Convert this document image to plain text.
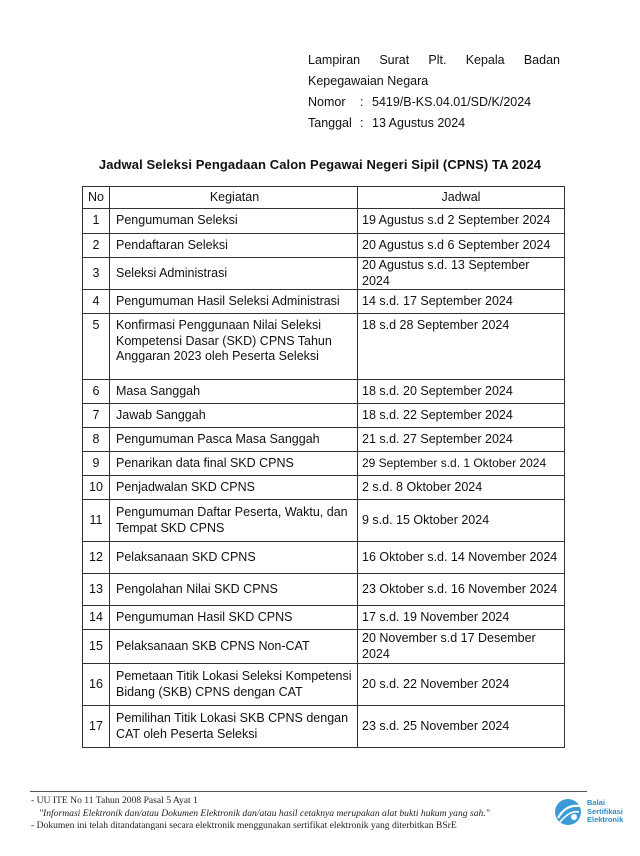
Lampiran Surat Plt. Kepala Badan
Kepegawaian Negara
Nomor	: 5419/B-KS.04.01/SD/K/2024
Tanggal : 13 Agustus 2024
Jadwal Seleksi Pengadaan Calon Pegawai Negeri Sipil (CPNS) TA 2024
No	Kegiatan	Jadwal
1	Pengumuman Seleksi	19 Agustus s.d 2 September 2024
2	Pendaftaran Seleksi	20 Agustus s.d 6 September 2024
3	Seleksi Administrasi	20 Agustus s.d. 13 September 2024
4	Pengumuman Hasil Seleksi Administrasi	14 s.d. 17 September 2024
5	Konfirmasi Penggunaan Nilai Seleksi Kompetensi Dasar (SKD) CPNS Tahun Anggaran 2023 oleh Peserta Seleksi	18 s.d 28 September 2024
6	Masa Sanggah	18 s.d. 20 September 2024
7	Jawab Sanggah	18 s.d. 22 September 2024
8	Pengumuman Pasca Masa Sanggah	21 s.d. 27 September 2024
9	Penarikan data final SKD CPNS	29 September s.d. 1 Oktober 2024
10	Penjadwalan SKD CPNS	2 s.d. 8 Oktober 2024
11	Pengumuman Daftar Peserta, Waktu, dan Tempat SKD CPNS	9 s.d. 15 Oktober 2024
12	Pelaksanaan SKD CPNS	16 Oktober s.d. 14 November 2024
13	Pengolahan Nilai SKD CPNS	23 Oktober s.d. 16 November 2024
14	Pengumuman Hasil SKD CPNS	17 s.d. 19 November 2024
15	Pelaksanaan SKB CPNS Non-CAT	20 November s.d 17 Desember 2024
16	Pemetaan Titik Lokasi Seleksi Kompetensi Bidang (SKB) CPNS dengan CAT	20 s.d. 22 November 2024
17	Pemilihan Titik Lokasi SKB CPNS dengan CAT oleh Peserta Seleksi	23 s.d. 25 November 2024
- UU ITE No 11 Tahun 2008 Pasal 5 Ayat 1
"Informasi Elektronik dan/atau Dokumen Elektronik dan/atau hasil cetaknya merupakan alat bukti hukum yang sah."
- Dokumen ini telah ditandatangani secara elektronik menggunakan sertifikat elektronik yang diterbitkan BSrE
Balai
Sertifikasi
Elektronik
